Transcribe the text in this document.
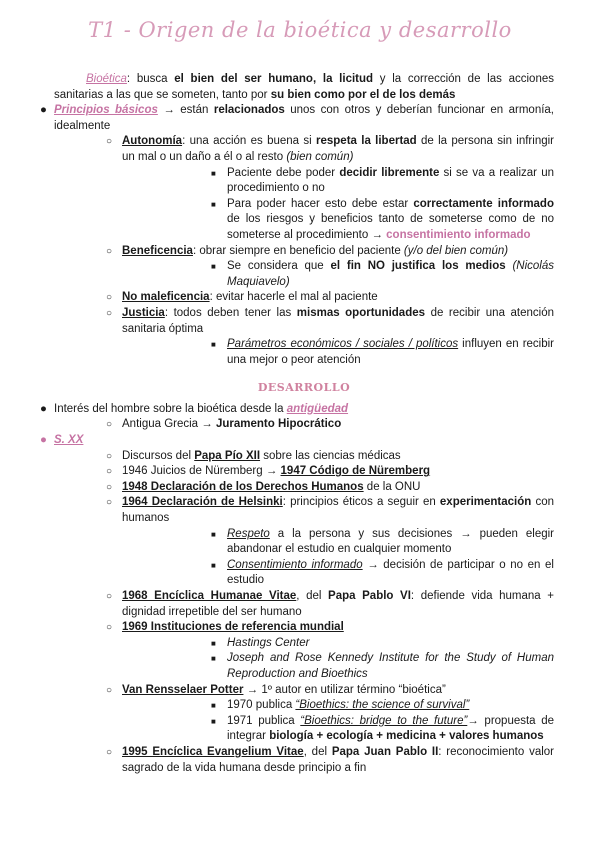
T1 - Origen de la bioética y desarrollo

Bioética: busca el bien del ser humano, la licitud y la corrección de las acciones sanitarias a las que se someten, tanto por su bien como por el de los demás

● Principios básicos → están relacionados unos con otros y deberían funcionar en armonía, idealmente
○ Autonomía: una acción es buena si respeta la libertad de la persona sin infringir un mal o un daño a él o al resto (bien común)
■ Paciente debe poder decidir libremente si se va a realizar un procedimiento o no
■ Para poder hacer esto debe estar correctamente informado de los riesgos y beneficios tanto de someterse como de no someterse al procedimiento → consentimiento informado
○ Beneficencia: obrar siempre en beneficio del paciente (y/o del bien común)
■ Se considera que el fin NO justifica los medios (Nicolás Maquiavelo)
○ No maleficencia: evitar hacerle el mal al paciente
○ Justicia: todos deben tener las mismas oportunidades de recibir una atención sanitaria óptima
■ Parámetros económicos / sociales / políticos influyen en recibir una mejor o peor atención
DESARROLLO
● Interés del hombre sobre la bioética desde la antigüedad
○ Antigua Grecia → Juramento Hipocrático
● S. XX
○ Discursos del Papa Pío XII sobre las ciencias médicas
○ 1946 Juicios de Nüremberg → 1947 Código de Nüremberg
○ 1948 Declaración de los Derechos Humanos de la ONU
○ 1964 Declaración de Helsinki: principios éticos a seguir en experimentación con humanos
■ Respeto a la persona y sus decisiones → pueden elegir abandonar el estudio en cualquier momento
■ Consentimiento informado → decisión de participar o no en el estudio
○ 1968 Encíclica Humanae Vitae, del Papa Pablo VI: defiende vida humana + dignidad irrepetible del ser humano
○ 1969 Instituciones de referencia mundial
■ Hastings Center
■ Joseph and Rose Kennedy Institute for the Study of Human Reproduction and Bioethics
○ Van Rensselaer Potter → 1º autor en utilizar término “bioética”
■ 1970 publica “Bioethics: the science of survival”
■ 1971 publica “Bioethics: bridge to the future”→ propuesta de integrar biología + ecología + medicina + valores humanos
○ 1995 Encíclica Evangelium Vitae, del Papa Juan Pablo II: reconocimiento valor sagrado de la vida humana desde principio a fin
